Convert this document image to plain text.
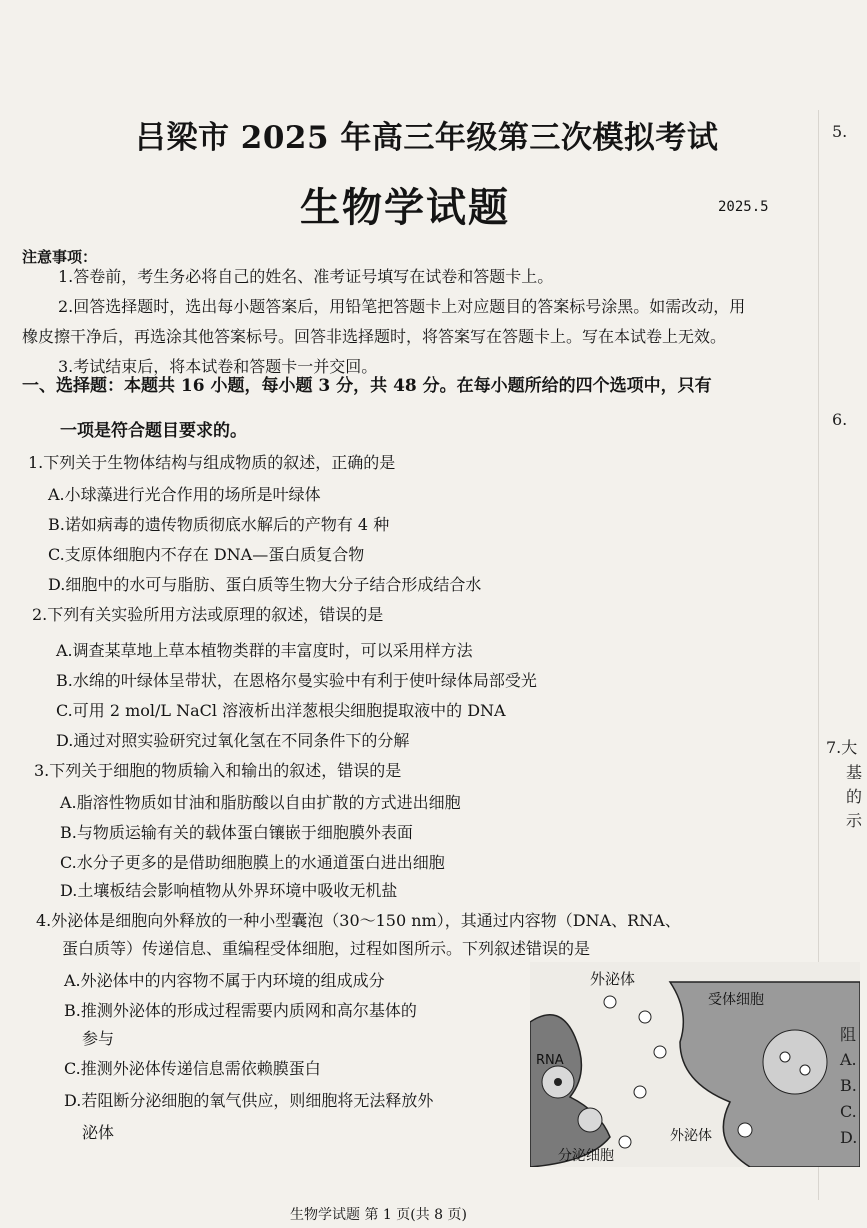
吕梁市 2025 年高三年级第三次模拟考试
生物学试题	2025.5
注意事项：
1.答卷前，考生务必将自己的姓名、准考证号填写在试卷和答题卡上。
2.回答选择题时，选出每小题答案后，用铅笔把答题卡上对应题目的答案标号涂黑。如需改动，用
橡皮擦干净后，再选涂其他答案标号。回答非选择题时，将答案写在答题卡上。写在本试卷上无效。
3.考试结束后，将本试卷和答题卡一并交回。
一、选择题：本题共 16 小题，每小题 3 分，共 48 分。在每小题所给的四个选项中，只有
一项是符合题目要求的。
1.下列关于生物体结构与组成物质的叙述，正确的是
A.小球藻进行光合作用的场所是叶绿体
B.诺如病毒的遗传物质彻底水解后的产物有 4 种
C.支原体细胞内不存在 DNA—蛋白质复合物
D.细胞中的水可与脂肪、蛋白质等生物大分子结合形成结合水
2.下列有关实验所用方法或原理的叙述，错误的是
A.调查某草地上草本植物类群的丰富度时，可以采用样方法
B.水绵的叶绿体呈带状，在恩格尔曼实验中有利于使叶绿体局部受光
C.可用 2 mol/L NaCl 溶液析出洋葱根尖细胞提取液中的 DNA
D.通过对照实验研究过氧化氢在不同条件下的分解
3.下列关于细胞的物质输入和输出的叙述，错误的是
A.脂溶性物质如甘油和脂肪酸以自由扩散的方式进出细胞
B.与物质运输有关的载体蛋白镶嵌于细胞膜外表面
C.水分子更多的是借助细胞膜上的水通道蛋白进出细胞
D.土壤板结会影响植物从外界环境中吸收无机盐
4.外泌体是细胞向外释放的一种小型囊泡（30～150 nm），其通过内容物（DNA、RNA、
蛋白质等）传递信息、重编程受体细胞，过程如图所示。下列叙述错误的是
A.外泌体中的内容物不属于内环境的组成成分
B.推测外泌体的形成过程需要内质网和高尔基体的
参与
C.推测外泌体传递信息需依赖膜蛋白
D.若阻断分泌细胞的氧气供应，则细胞将无法释放外
泌体
外泌体
受体细胞
RNA
分泌细胞
外泌体
5.
6.
7.大
基
的
示
阻
A.
B.
C.
D.
生物学试题 第 1 页(共 8 页)
